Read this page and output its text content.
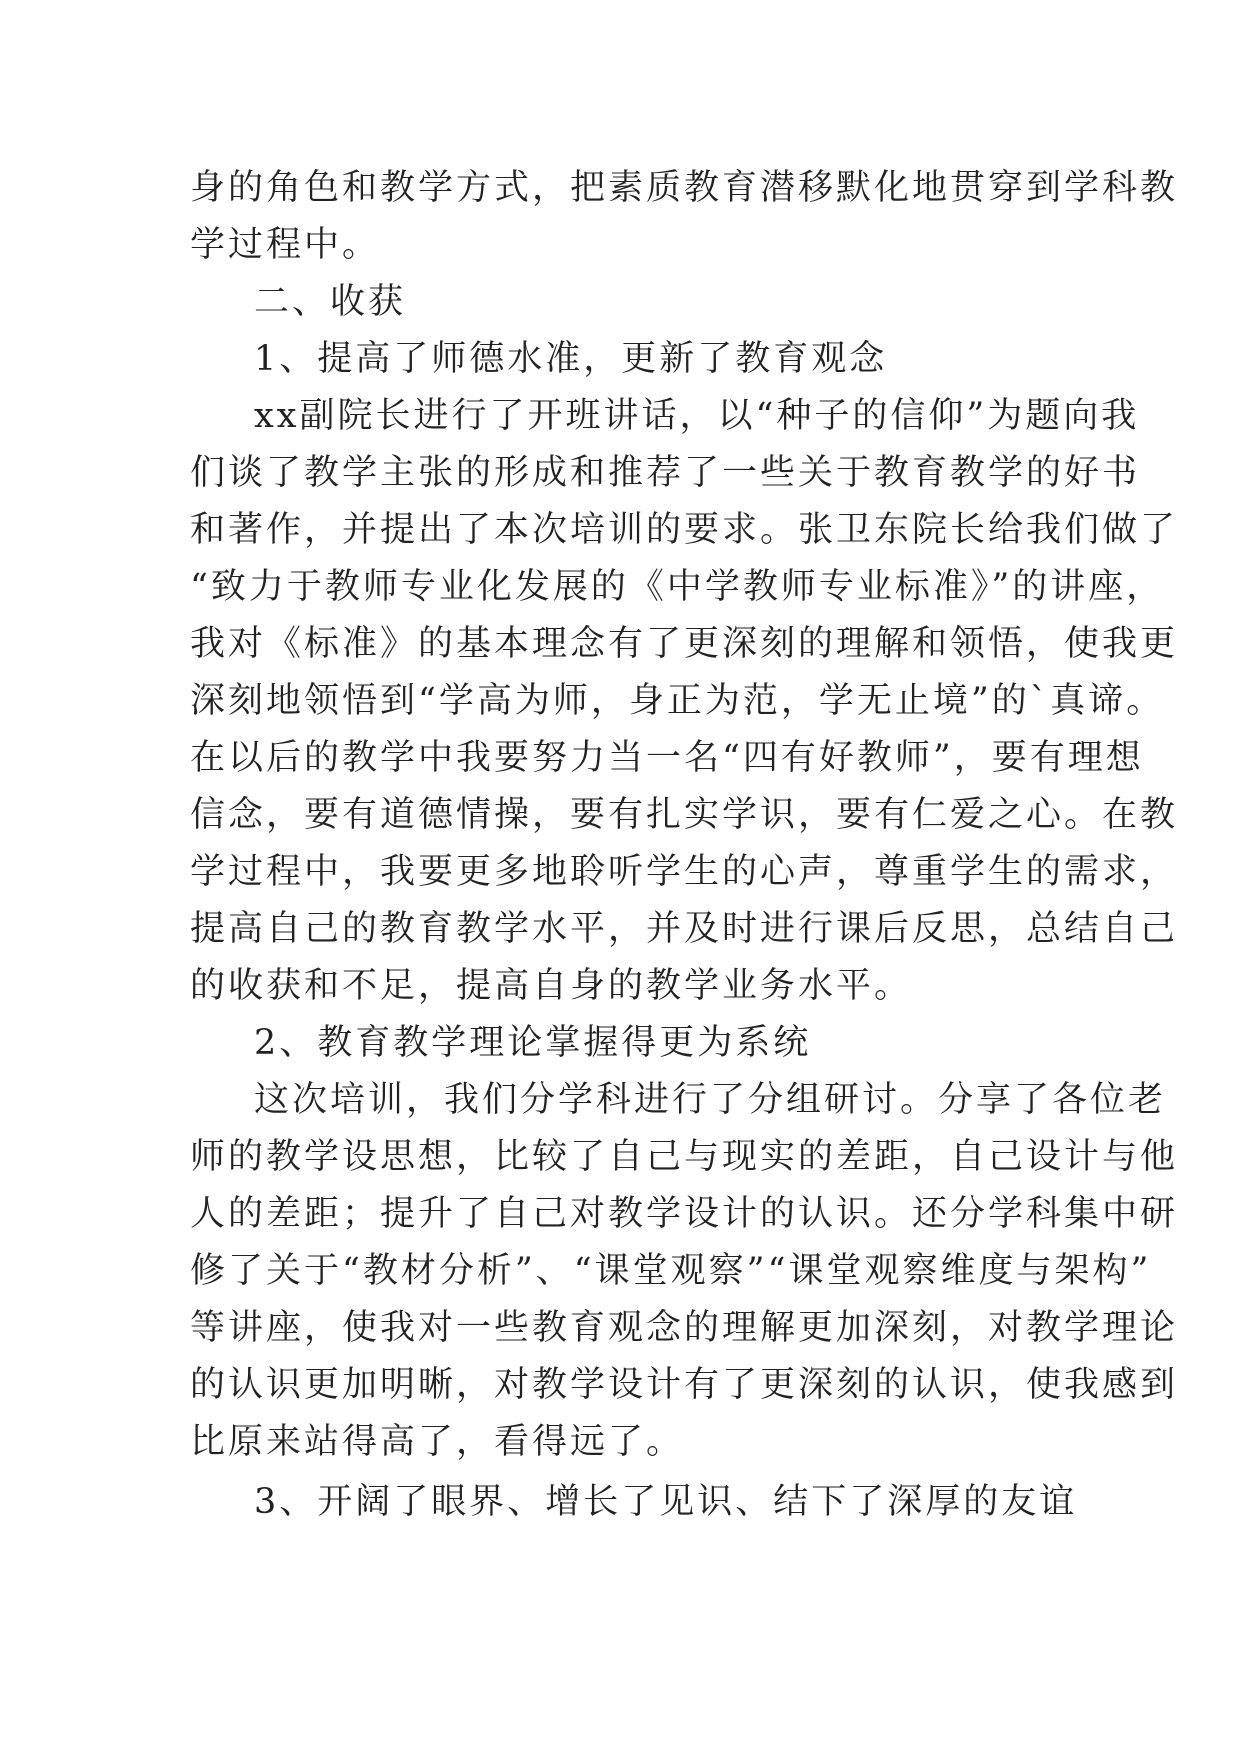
身的角色和教学方式，把素质教育潜移默化地贯穿到学科教
学过程中。
二、收获
1、提高了师德水准，更新了教育观念
xx副院长进行了开班讲话，以“种子的信仰”为题向我
们谈了教学主张的形成和推荐了一些关于教育教学的好书
和著作，并提出了本次培训的要求。张卫东院长给我们做了
“致力于教师专业化发展的《中学教师专业标准》”的讲座，
我对《标准》的基本理念有了更深刻的理解和领悟，使我更
深刻地领悟到“学高为师，身正为范，学无止境”的`真谛。
在以后的教学中我要努力当一名“四有好教师”，要有理想
信念，要有道德情操，要有扎实学识，要有仁爱之心。在教
学过程中，我要更多地聆听学生的心声，尊重学生的需求，
提高自己的教育教学水平，并及时进行课后反思，总结自己
的收获和不足，提高自身的教学业务水平。
2、教育教学理论掌握得更为系统
这次培训，我们分学科进行了分组研讨。分享了各位老
师的教学设思想，比较了自己与现实的差距，自己设计与他
人的差距；提升了自己对教学设计的认识。还分学科集中研
修了关于“教材分析”、“课堂观察”“课堂观察维度与架构”
等讲座，使我对一些教育观念的理解更加深刻，对教学理论
的认识更加明晰，对教学设计有了更深刻的认识，使我感到
比原来站得高了，看得远了。
3、开阔了眼界、增长了见识、结下了深厚的友谊
